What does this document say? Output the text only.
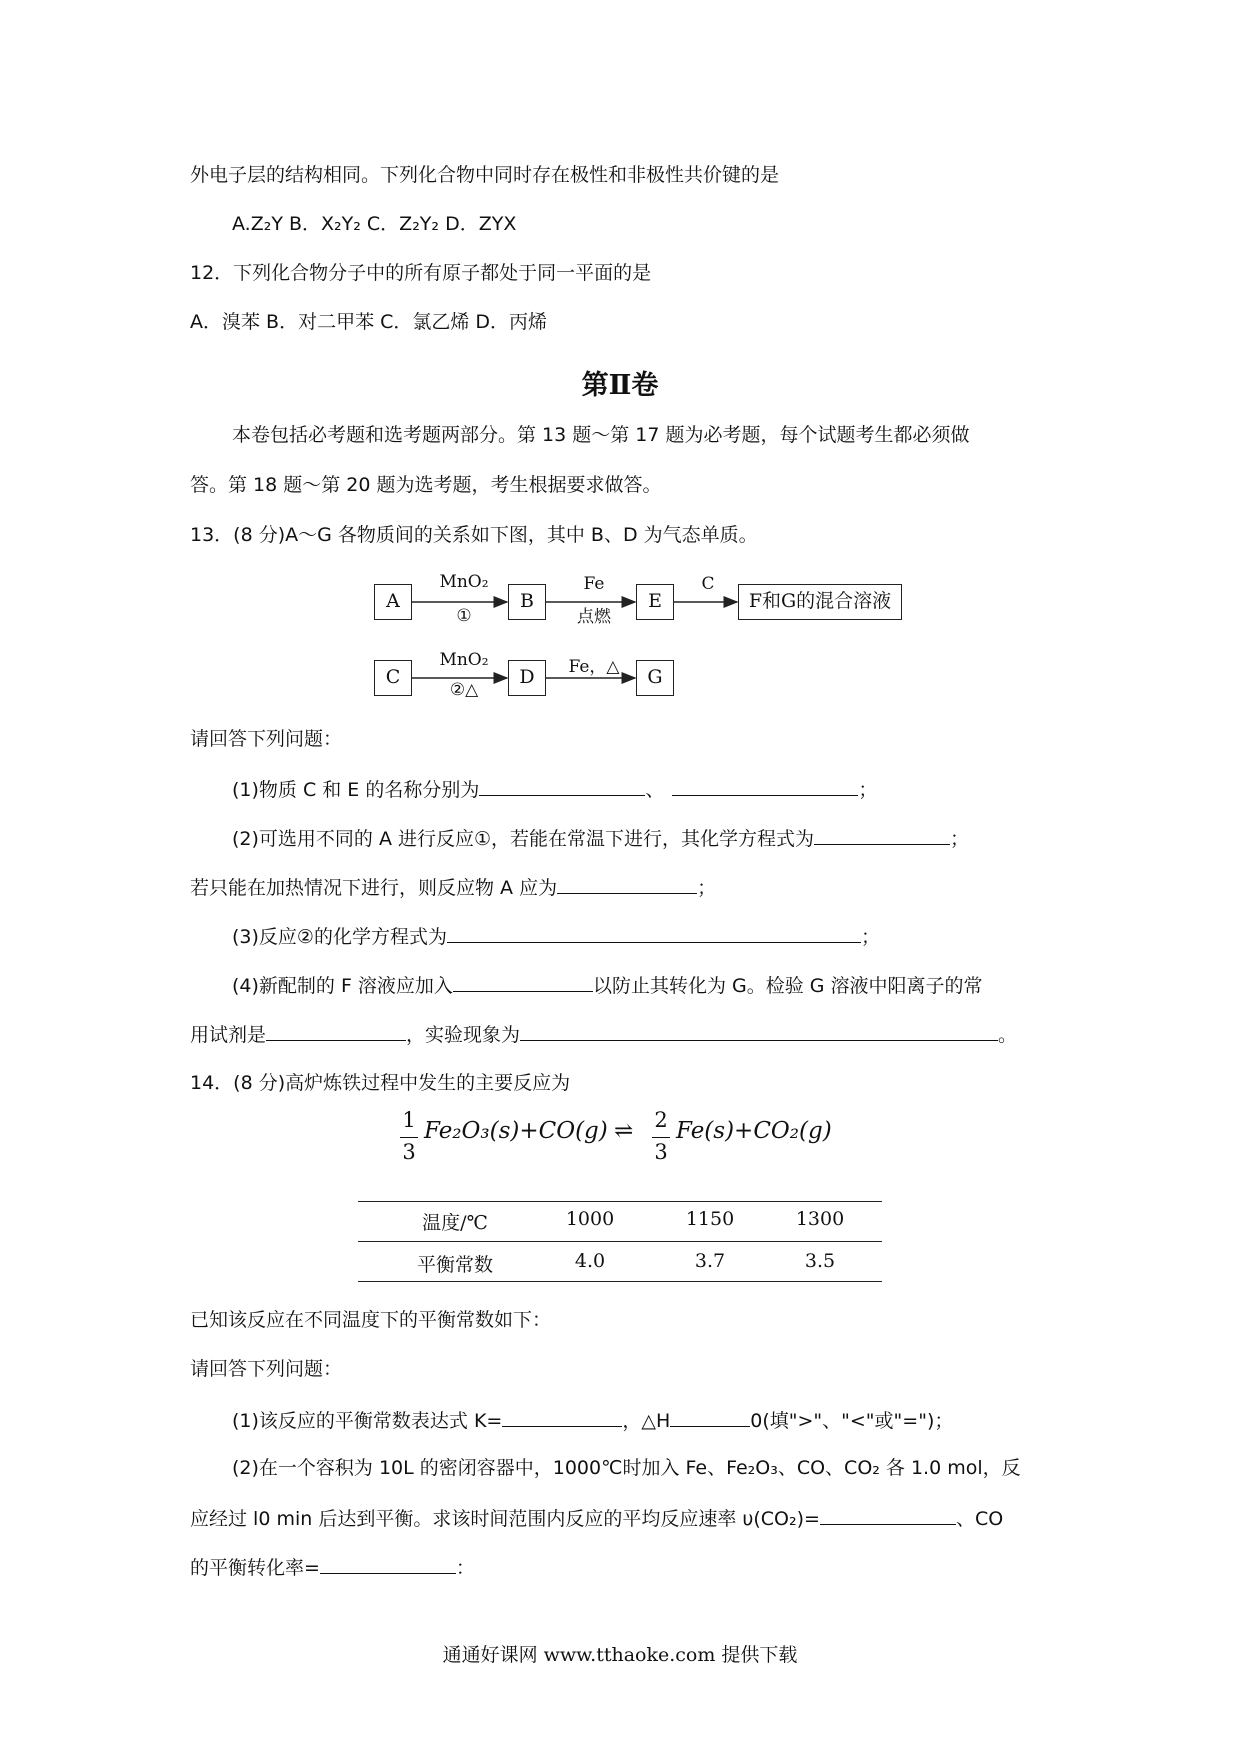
外电子层的结构相同。下列化合物中同时存在极性和非极性共价键的是
A.Z₂Y B．X₂Y₂ C．Z₂Y₂ D．ZYX
12．下列化合物分子中的所有原子都处于同一平面的是
A．溴苯 B．对二甲苯 C．氯乙烯 D．丙烯
第Ⅱ卷
本卷包括必考题和选考题两部分。第 13 题～第 17 题为必考题，每个试题考生都必须做
答。第 18 题～第 20 题为选考题，考生根据要求做答。
13．(8 分)A～G 各物质间的关系如下图，其中 B、D 为气态单质。
A
MnO₂
①
B
Fe
点燃
E
C
F和G的混合溶液
C
MnO₂
②△
D	Fe，△	G
请回答下列问题：
(1)物质 C 和 E 的名称分别为	、	；
(2)可选用不同的 A 进行反应①，若能在常温下进行，其化学方程式为	；
若只能在加热情况下进行，则反应物 A 应为	；
(3)反应②的化学方程式为	；
(4)新配制的 F 溶液应加入	以防止其转化为 G。检验 G 溶液中阳离子的常
用试剂是	，实验现象为	。
14．(8 分)高炉炼铁过程中发生的主要反应为
1
3
Fe₂O₃(s)+CO(g) ⇌ 2
3
Fe(s)+CO₂(g)
温度/℃	1000	1150	1300
平衡常数	4.0	3.7	3.5
已知该反应在不同温度下的平衡常数如下：
请回答下列问题：
(1)该反应的平衡常数表达式 K=	，△H	0(填">"、"<"或"=")；
(2)在一个容积为 10L 的密闭容器中，1000℃时加入 Fe、Fe₂O₃、CO、CO₂ 各 1.0 mol，反
应经过 l0 min 后达到平衡。求该时间范围内反应的平均反应速率 υ(CO₂)=	、CO
的平衡转化率=	：
通通好课网 www.tthaoke.com 提供下载
